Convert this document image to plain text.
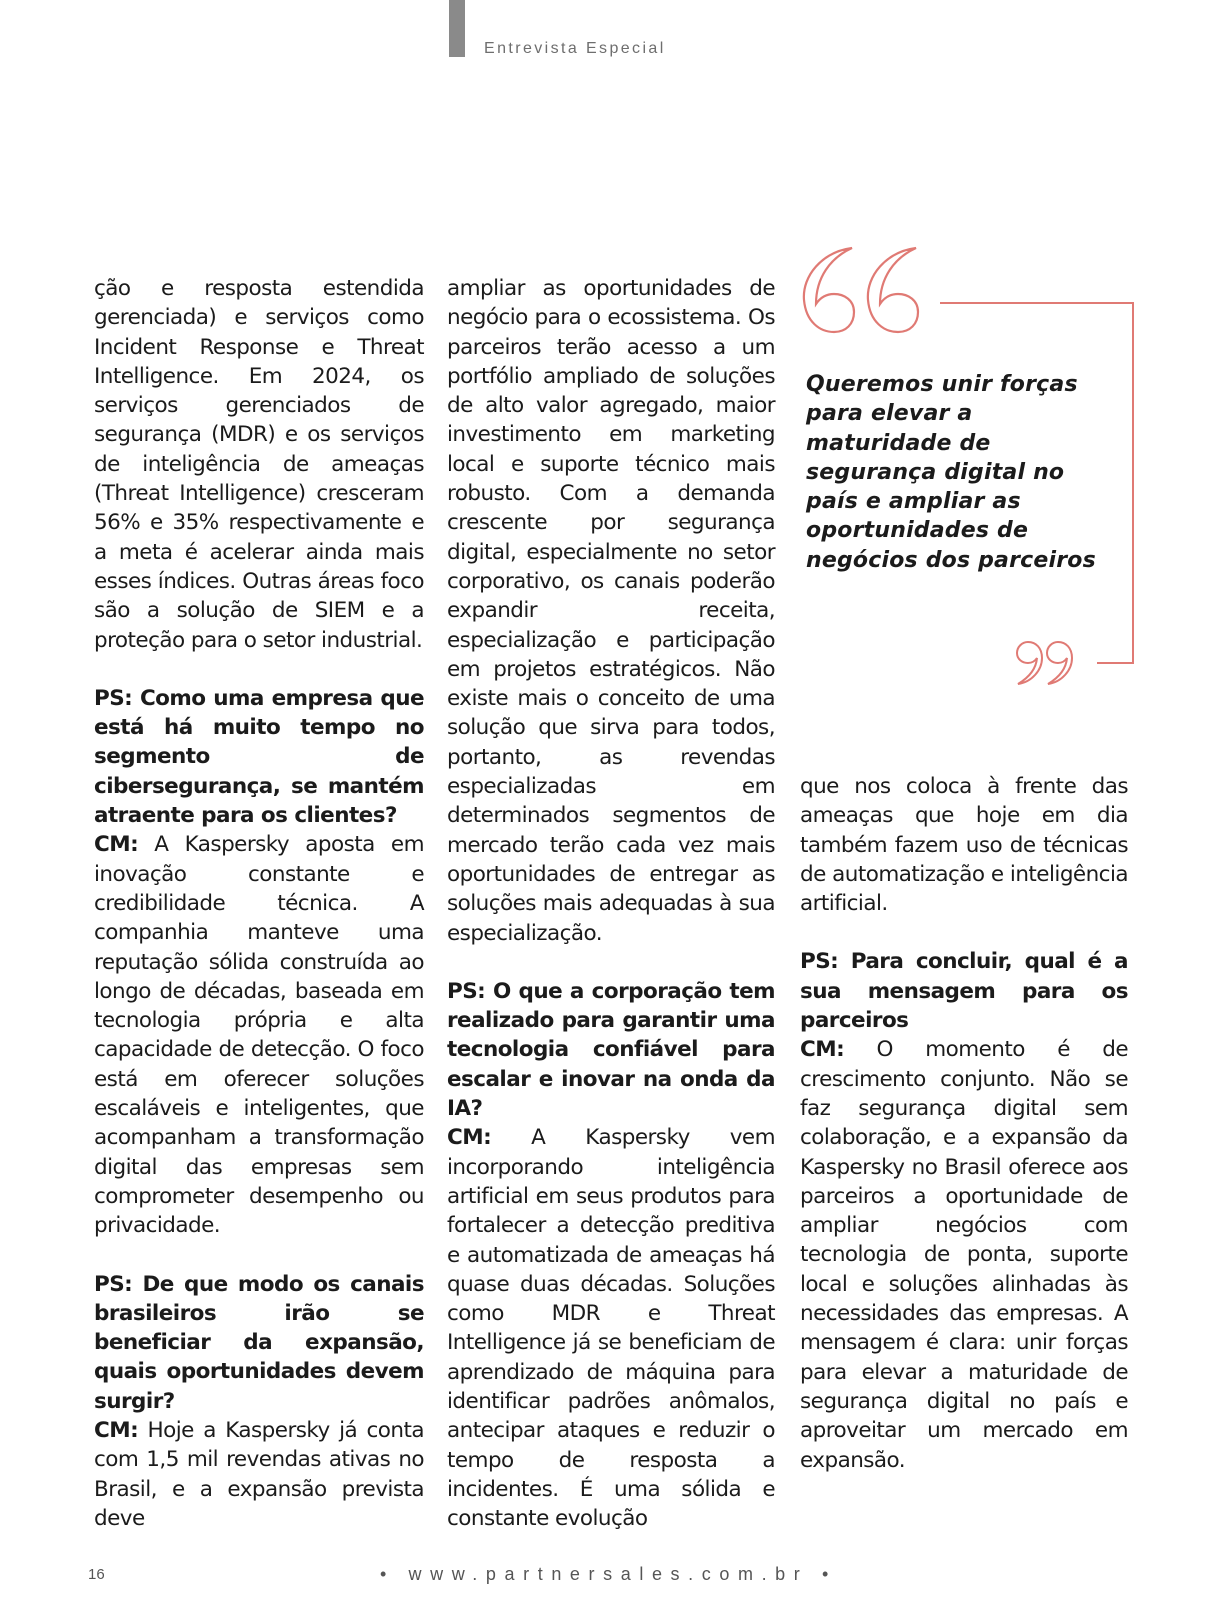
Entrevista Especial

ção e resposta estendida gerenciada) e serviços como Incident Response e Threat Intelligence. Em 2024, os serviços gerenciados de segurança (MDR) e os serviços de inteligência de ameaças (Threat Intelligence) cresceram 56% e 35% respectivamente e a meta é acelerar ainda mais esses índices. Outras áreas foco são a solução de SIEM e a proteção para o setor industrial.

PS: Como uma empresa que está há muito tempo no segmento de cibersegurança, se mantém atraente para os clientes?

CM: A Kaspersky aposta em inovação constante e credibilidade técnica. A companhia manteve uma reputação sólida construída ao longo de décadas, baseada em tecnologia própria e alta capacidade de detecção. O foco está em oferecer soluções escaláveis e inteligentes, que acompanham a transformação digital das empresas sem comprometer desempenho ou privacidade.

PS: De que modo os canais brasileiros irão se beneficiar da expansão, quais oportunidades devem surgir?

CM: Hoje a Kaspersky já conta com 1,5 mil revendas ativas no Brasil, e a expansão prevista deve

ampliar as oportunidades de negócio para o ecossistema. Os parceiros terão acesso a um portfólio ampliado de soluções de alto valor agregado, maior investimento em marketing local e suporte técnico mais robusto. Com a demanda crescente por segurança digital, especialmente no setor corporativo, os canais poderão expandir receita, especialização e participação em projetos estratégicos. Não existe mais o conceito de uma solução que sirva para todos, portanto, as revendas especializadas em determinados segmentos de mercado terão cada vez mais oportunidades de entregar as soluções mais adequadas à sua especialização.

PS: O que a corporação tem realizado para garantir uma tecnologia confiável para escalar e inovar na onda da IA?

CM: A Kaspersky vem incorporando inteligência artificial em seus produtos para fortalecer a detecção preditiva e automatizada de ameaças há quase duas décadas. Soluções como MDR e Threat Intelligence já se beneficiam de aprendizado de máquina para identificar padrões anômalos, antecipar ataques e reduzir o tempo de resposta a incidentes. É uma sólida e constante evolução

Queremos unir forças para elevar a maturidade de segurança digital no país e ampliar as oportunidades de negócios dos parceiros

que nos coloca à frente das ameaças que hoje em dia também fazem uso de técnicas de automatização e inteligência artificial.

PS: Para concluir, qual é a sua mensagem para os parceiros

CM: O momento é de crescimento conjunto. Não se faz segurança digital sem colaboração, e a expansão da Kaspersky no Brasil oferece aos parceiros a oportunidade de ampliar negócios com tecnologia de ponta, suporte local e soluções alinhadas às necessidades das empresas. A mensagem é clara: unir forças para elevar a maturidade de segurança digital no país e aproveitar um mercado em expansão.

16	• www.partnersales.com.br •
